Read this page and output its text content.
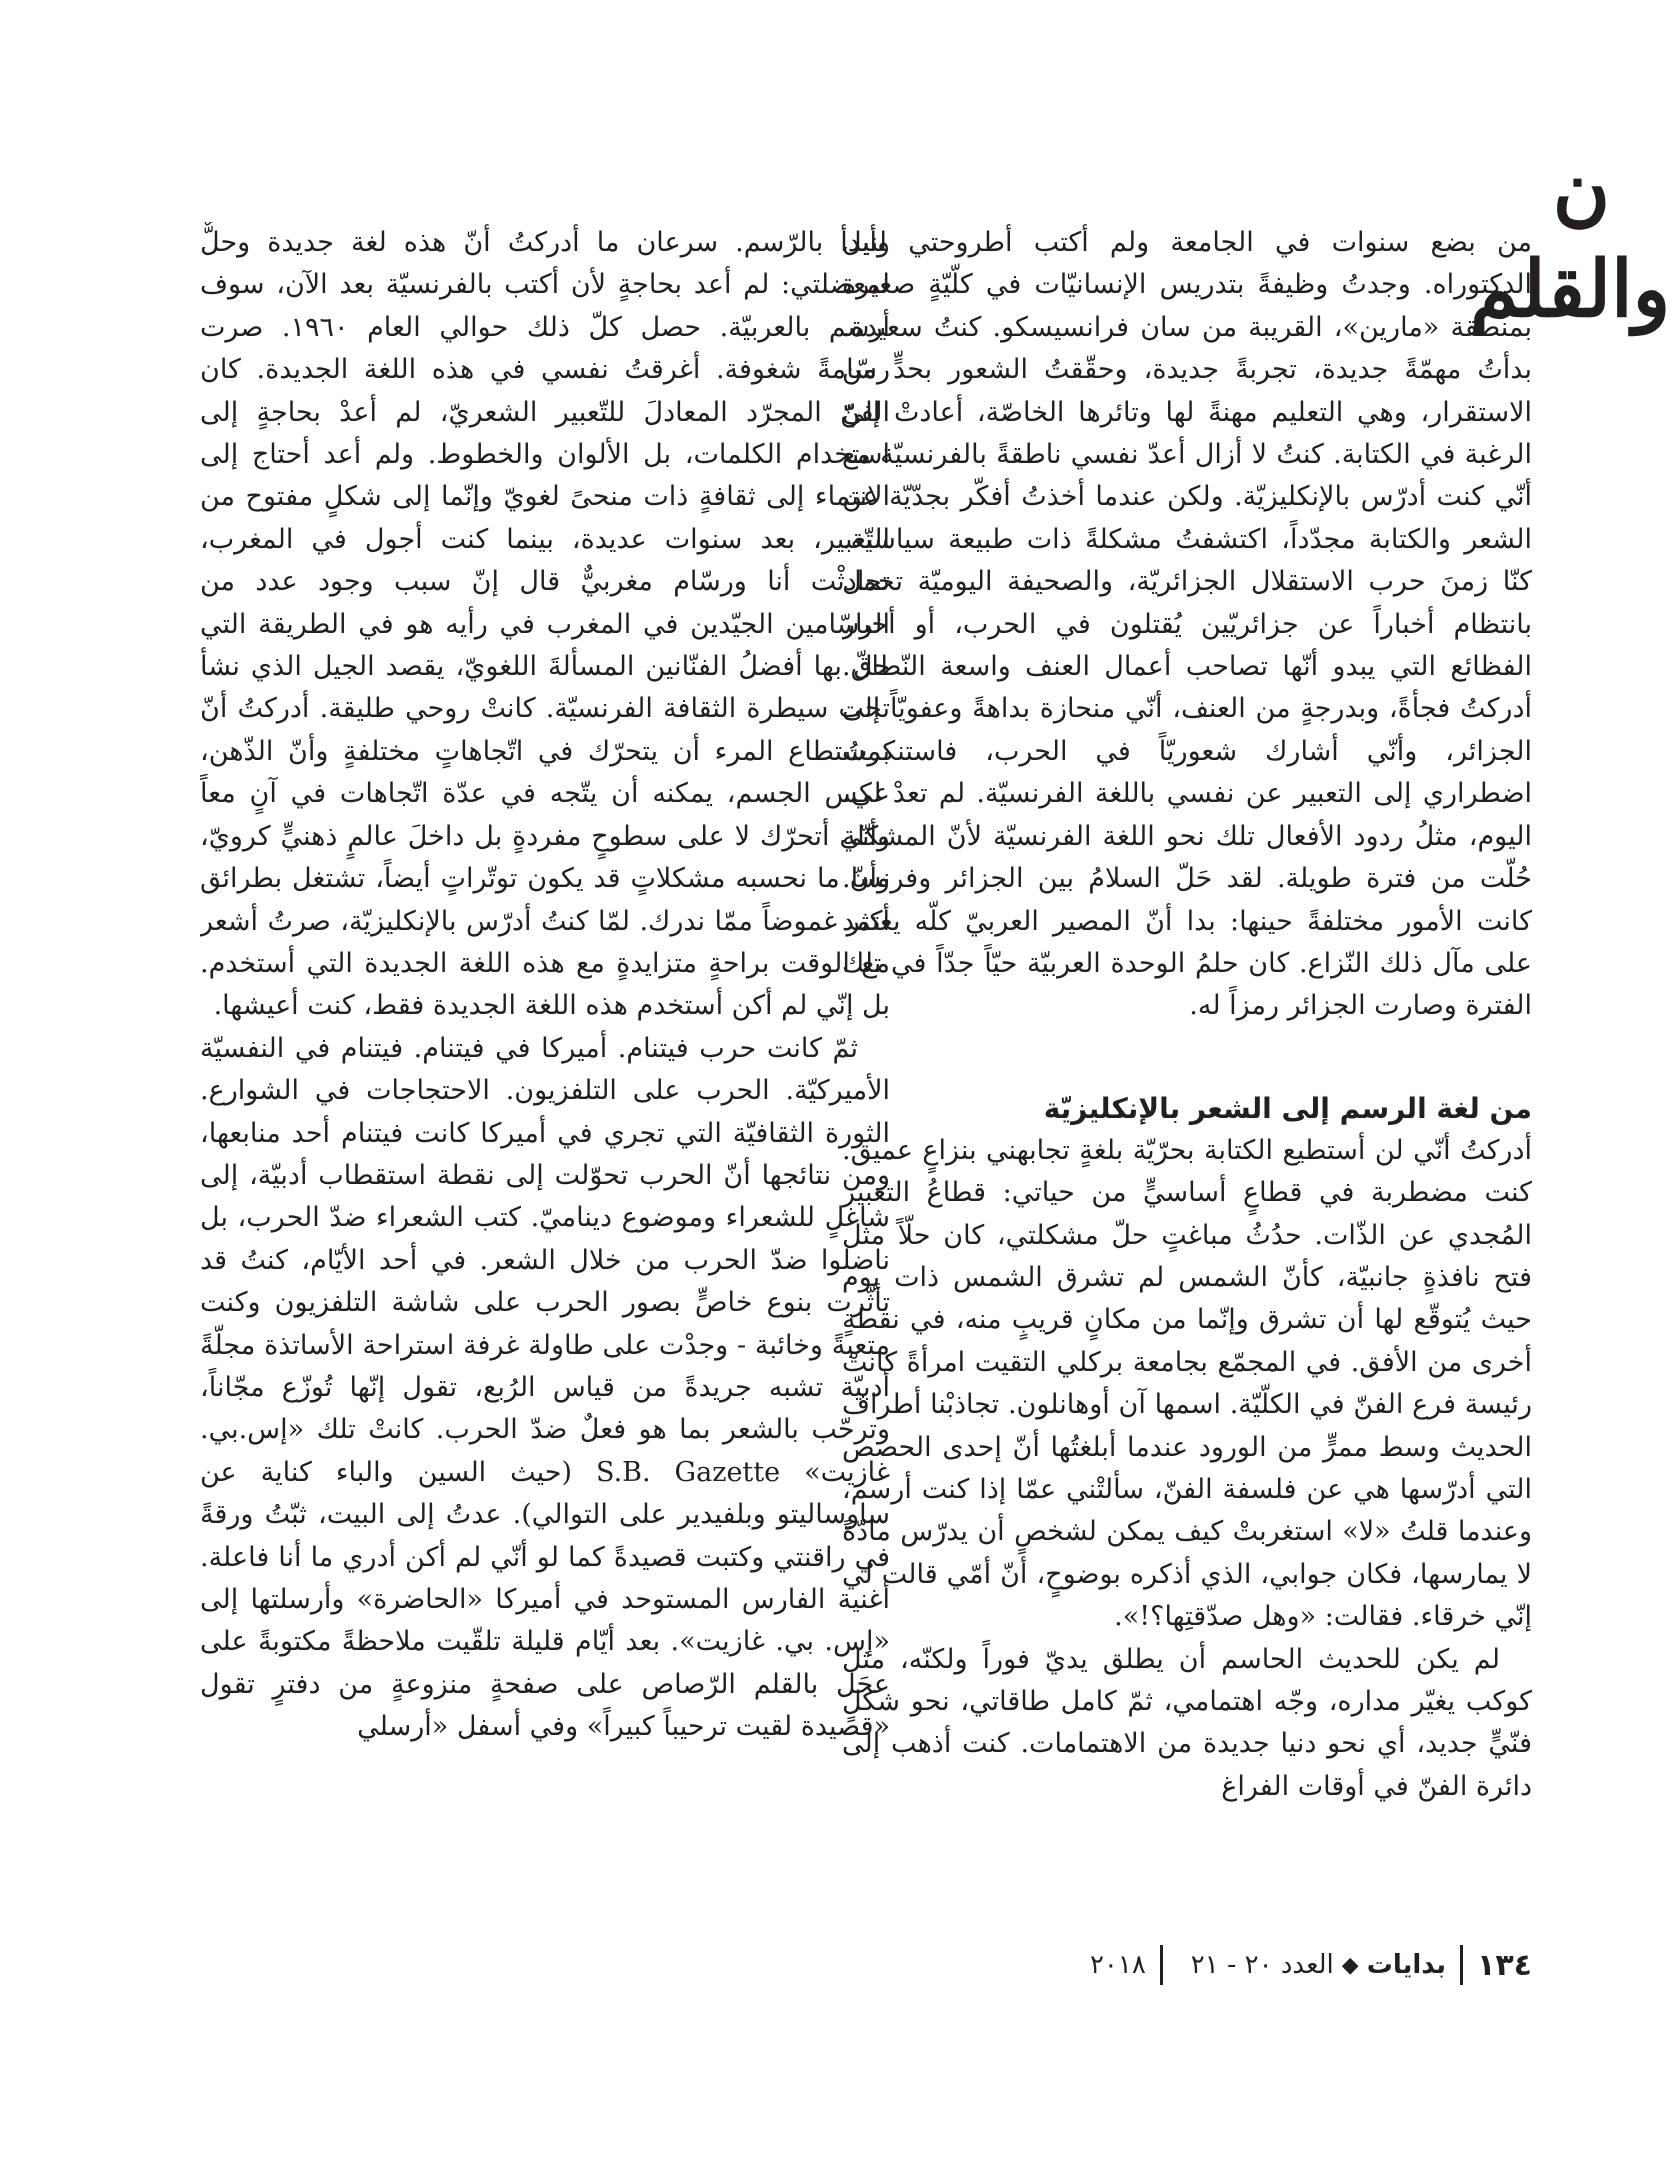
ن والقلم

من بضع سنوات في الجامعة ولم أكتب أطروحتي لنيل الدكتوراه. وجدتُ وظيفةً بتدريس الإنسانيّات في كلّيّةٍ صغيرة بمنطقة «مارين»، القريبة من سان فرانسيسكو. كنتُ سعيدة. بدأتُ مهمّةً جديدة، تجربةً جديدة، وحقّقتُ الشعور بحدٍّ من الاستقرار، وهي التعليم مهنةً لها وتائرها الخاصّة، أعادتْ إليّ الرغبة في الكتابة. كنتُ لا أزال أعدّ نفسي ناطقةً بالفرنسيّة مع أنّي كنت أدرّس بالإنكليزيّة. ولكن عندما أخذتُ أفكّر بجدّيّة عن الشعر والكتابة مجدّداً، اكتشفتُ مشكلةً ذات طبيعة سياسيّة. كنّا زمنَ حرب الاستقلال الجزائريّة، والصحيفة اليوميّة تحمل بانتظام أخباراً عن جزائريّين يُقتلون في الحرب، أو أخبار الفظائع التي يبدو أنّها تصاحب أعمال العنف واسعة النّطاق. أدركتُ فجأةً، وبدرجةٍ من العنف، أنّي منحازة بداهةً وعفويّاً إلى الجزائر، وأنّي أشارك شعوريّاً في الحرب، فاستنكرتُ اضطراري إلى التعبير عن نفسي باللغة الفرنسيّة. لم تعدْ لي، اليوم، مثلُ ردود الأفعال تلك نحو اللغة الفرنسيّة لأنّ المشكلة حُلّت من فترة طويلة. لقد حَلّ السلامُ بين الجزائر وفرنسا. كانت الأمور مختلفةً حينها: بدا أنّ المصير العربيّ كلّه يعتمد على مآل ذلك النّزاع. كان حلمُ الوحدة العربيّة حيّاً جدّاً في تلك الفترة وصارت الجزائر رمزاً له.

من لغة الرسم إلى الشعر بالإنكليزيّة

أدركتُ أنّي لن أستطيع الكتابة بحرّيّة بلغةٍ تجابهني بنزاعٍ عميق. كنت مضطربة في قطاعٍ أساسيٍّ من حياتي: قطاعُ التعبير المُجدي عن الذّات. حدُثُ مباغتٍ حلّ مشكلتي، كان حلّاً مثل فتح نافذةٍ جانبيّة، كأنّ الشمس لم تشرق الشمس ذات يوم حيث يُتوقّع لها أن تشرق وإنّما من مكانٍ قريبٍ منه، في نقطةٍ أخرى من الأفق. في المجمّع بجامعة بركلي التقيت امرأةً كانتْ رئيسة فرع الفنّ في الكلّيّة. اسمها آن أوهانلون. تجاذبْنا أطراف الحديث وسط ممرٍّ من الورود عندما أبلغتُها أنّ إحدى الحصص التي أدرّسها هي عن فلسفة الفنّ، سألتْني عمّا إذا كنت أرسم، وعندما قلتُ «لا» استغربتْ كيف يمكن لشخصٍ أن يدرّس مادّةً لا يمارسها، فكان جوابي، الذي أذكره بوضوحٍ، أنّ أمّي قالت لي إنّي خرقاء. فقالت: «وهل صدّقتِها؟!».

لم يكن للحديث الحاسم أن يطلق يديّ فوراً ولكنّه، مثل كوكب يغيّر مداره، وجّه اهتمامي، ثمّ كامل طاقاتي، نحو شكلٍ فنّيٍّ جديد، أي نحو دنيا جديدة من الاهتمامات. كنت أذهب إلى دائرة الفنّ في أوقات الفراغ

وأبدأ بالرّسم. سرعان ما أدركتُ أنّ هذه لغة جديدة وحلٌّ لمعضلتي: لم أعد بحاجةٍ لأن أكتب بالفرنسيّة بعد الآن، سوف أرسم بالعربيّة. حصل كلّ ذلك حوالي العام ١٩٦٠. صرت رسّامةً شغوفة. أغرقتُ نفسي في هذه اللغة الجديدة. كان الفنّ المجرّد المعادلَ للتّعبير الشعريّ، لم أعدْ بحاجةٍ إلى استخدام الكلمات، بل الألوان والخطوط. ولم أعد أحتاج إلى الانتماء إلى ثقافةٍ ذات منحىً لغويّ وإنّما إلى شكلٍ مفتوح من التعبير، بعد سنوات عديدة، بينما كنت أجول في المغرب، تحادثْت أنا ورسّام مغربيٌّ قال إنّ سبب وجود عدد من الرسّامين الجيّدين في المغرب في رأيه هو في الطريقة التي حلّ بها أفضلُ الفنّانين المسألةَ اللغويّ، يقصد الجيل الذي نشأ تحت سيطرة الثقافة الفرنسيّة. كانتْ روحي طليقة. أدركتُ أنّ بمستطاع المرء أن يتحرّك في اتّجاهاتٍ مختلفةٍ وأنّ الذّهن، عكس الجسم، يمكنه أن يتّجه في عدّة اتّجاهات في آنٍ معاً وأنّي أتحرّك لا على سطوحٍ مفردةٍ بل داخلَ عالمٍ ذهنيٍّ كرويّ، وأنّ ما نحسبه مشكلاتٍ قد يكون توتّراتٍ أيضاً، تشتغل بطرائق أكثر غموضاً ممّا ندرك. لمّا كنتُ أدرّس بالإنكليزيّة، صرتُ أشعر مع الوقت براحةٍ متزايدةٍ مع هذه اللغة الجديدة التي أستخدم. بل إنّي لم أكن أستخدم هذه اللغة الجديدة فقط، كنت أعيشها.

ثمّ كانت حرب فيتنام. أميركا في فيتنام. فيتنام في النفسيّة الأميركيّة. الحرب على التلفزيون. الاحتجاجات في الشوارع. الثورة الثقافيّة التي تجري في أميركا كانت فيتنام أحد منابعها، ومن نتائجها أنّ الحرب تحوّلت إلى نقطة استقطاب أدبيّة، إلى شاغلٍ للشعراء وموضوع ديناميّ. كتب الشعراء ضدّ الحرب، بل ناضلوا ضدّ الحرب من خلال الشعر. في أحد الأيّام، كنتُ قد تأثّرت بنوع خاصٍّ بصور الحرب على شاشة التلفزيون وكنت متعبةً وخائبة - وجدْت على طاولة غرفة استراحة الأساتذة مجلّةً أدبيّة تشبه جريدةً من قياس الرُبع، تقول إنّها تُوزّع مجّاناً، وترحّب بالشعر بما هو فعلٌ ضدّ الحرب. كانتْ تلك «إس.بي. غازيت» S.B. Gazette (حيث السين والباء كناية عن ساوساليتو وبلفيدير على التوالي). عدتُ إلى البيت، ثبّتُ ورقةً في راقنتي وكتبت قصيدةً كما لو أنّي لم أكن أدري ما أنا فاعلة. أغنية الفارس المستوحد في أميركا «الحاضرة» وأرسلتها إلى «إس. بي. غازيت». بعد أيّام قليلة تلقّيت ملاحظةً مكتوبةً على عجَل بالقلم الرّصاص على صفحةٍ منزوعةٍ من دفترٍ تقول «قصيدة لقيت ترحيباً كبيراً» وفي أسفل «أرسلي

١٣٤
بدايات
◆
العدد ٢٠ - ٢١
٢٠١٨
